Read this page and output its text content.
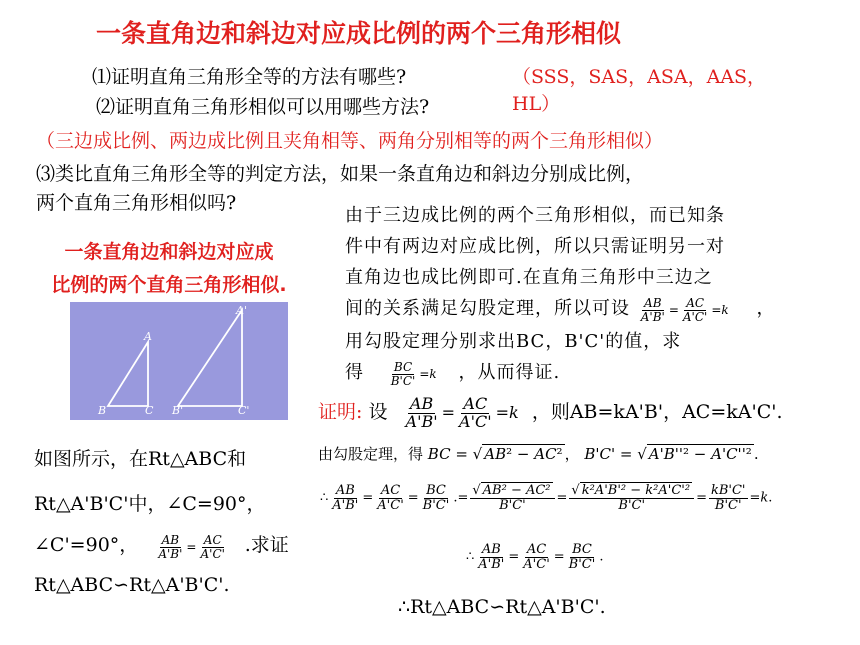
一条直角边和斜边对应成比例的两个三角形相似
⑴证明直角三角形全等的方法有哪些?	（SSS，SAS，ASA，AAS，
HL）
⑵证明直角三角形相似可以用哪些方法?
（三边成比例、两边成比例且夹角相等、两角分别相等的两个三角形相似）
⑶类比直角三角形全等的判定方法，如果一条直角边和斜边分别成比例，
两个直角三角形相似吗?
一条直角边和斜边对应成
比例的两个直角三角形相似.
A
B	C
A'
B'	C'
由于三边成比例的两个三角形相似，而已知条
件中有两边对应成比例，所以只需证明另一对
直角边也成比例即可.在直角三角形中三边之
间的关系满足勾股定理，所以可设 $\frac{AB}{A'B'} = \frac{AC}{A'C'} =k$ ，
用勾股定理分别求出BC，B'C'的值，求
得 $\frac{BC}{B'C'} =k$ ，从而得证.
如图所示，在Rt△ABC和
Rt△A'B'C'中，∠C=90°，
∠C'=90°， $\frac{AB}{A'B'} = \frac{AC}{A'C'}$ .求证
Rt△ABC∽Rt△A'B'C'.
证明: 设 $\frac{AB}{A'B'} = \frac{AC}{A'C'} =k$ ，则AB=kA'B'，AC=kA'C'.
由勾股定理，得 BC = √ AB² − AC² ， B'C' = √ A'B''² − A'C''² .
∴ $\frac{AB}{A'B'} = \frac{AC}{A'C'} = \frac{BC}{B'C'}$ .= $\frac{\text{√ AB² − AC²}}{B'C'} = \frac{\text{√ k²A'B'² − k²A'C'²}}{B'C'} = \frac{kB'C'}{B'C'} =k$.
∴ $\frac{AB}{A'B'} = \frac{AC}{A'C'} = \frac{BC}{B'C'}$ .
∴Rt△ABC∽Rt△A'B'C'.
